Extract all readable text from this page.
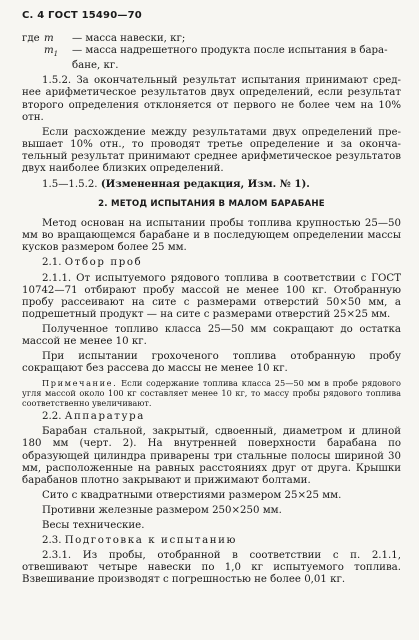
С. 4 ГОСТ 15490—70
где m	— масса навески, кг;
$m_1$	— масса надрешетного продукта после испытания в бара-
бане, кг.

1.5.2. За окончательный результат испытания принимают сред-нее арифметическое результатов двух определений, если результат второго определения отклоняется от первого не более чем на 10% отн.

Если расхождение между результатами двух определений пре-вышает 10% отн., то проводят третье определение и за оконча-тельный результат принимают среднее арифметическое результатов двух наиболее близких определений.

1.5—1.5.2. (Измененная редакция, Изм. № 1).

2. МЕТОД ИСПЫТАНИЯ В МАЛОМ БАРАБАНЕ

Метод основан на испытании пробы топлива крупностью 25—50 мм во вращающемся барабане и в последующем определении массы кусков размером более 25 мм.

2.1. Отбор проб

2.1.1. От испытуемого рядового топлива в соответствии с ГОСТ 10742—71 отбирают пробу массой не менее 100 кг. Отобранную пробу рассеивают на сите с размерами отверстий 50×50 мм, а подрешетный продукт — на сите с размерами отверстий 25×25 мм.

Полученное топливо класса 25—50 мм сокращают до остатка массой не менее 10 кг.

При испытании грохоченого топлива отобранную пробу сокращают без рассева до массы не менее 10 кг.

Примечание. Если содержание топлива класса 25—50 мм в пробе рядового угля массой около 100 кг составляет менее 10 кг, то массу пробы рядового топлива соответственно увеличивают.

2.2. Аппаратура

Барабан стальной, закрытый, сдвоенный, диаметром и длиной 180 мм (черт. 2). На внутренней поверхности барабана по образующей цилиндра приварены три стальные полосы шириной 30 мм, расположенные на равных расстояниях друг от друга. Крышки барабанов плотно закрывают и прижимают болтами.

Сито с квадратными отверстиями размером 25×25 мм.

Противни железные размером 250×250 мм.

Весы технические.

2.3. Подготовка к испытанию

2.3.1. Из пробы, отобранной в соответствии с п. 2.1.1, отвешивают четыре навески по 1,0 кг испытуемого топлива. Взвешивание производят с погрешностью не более 0,01 кг.
